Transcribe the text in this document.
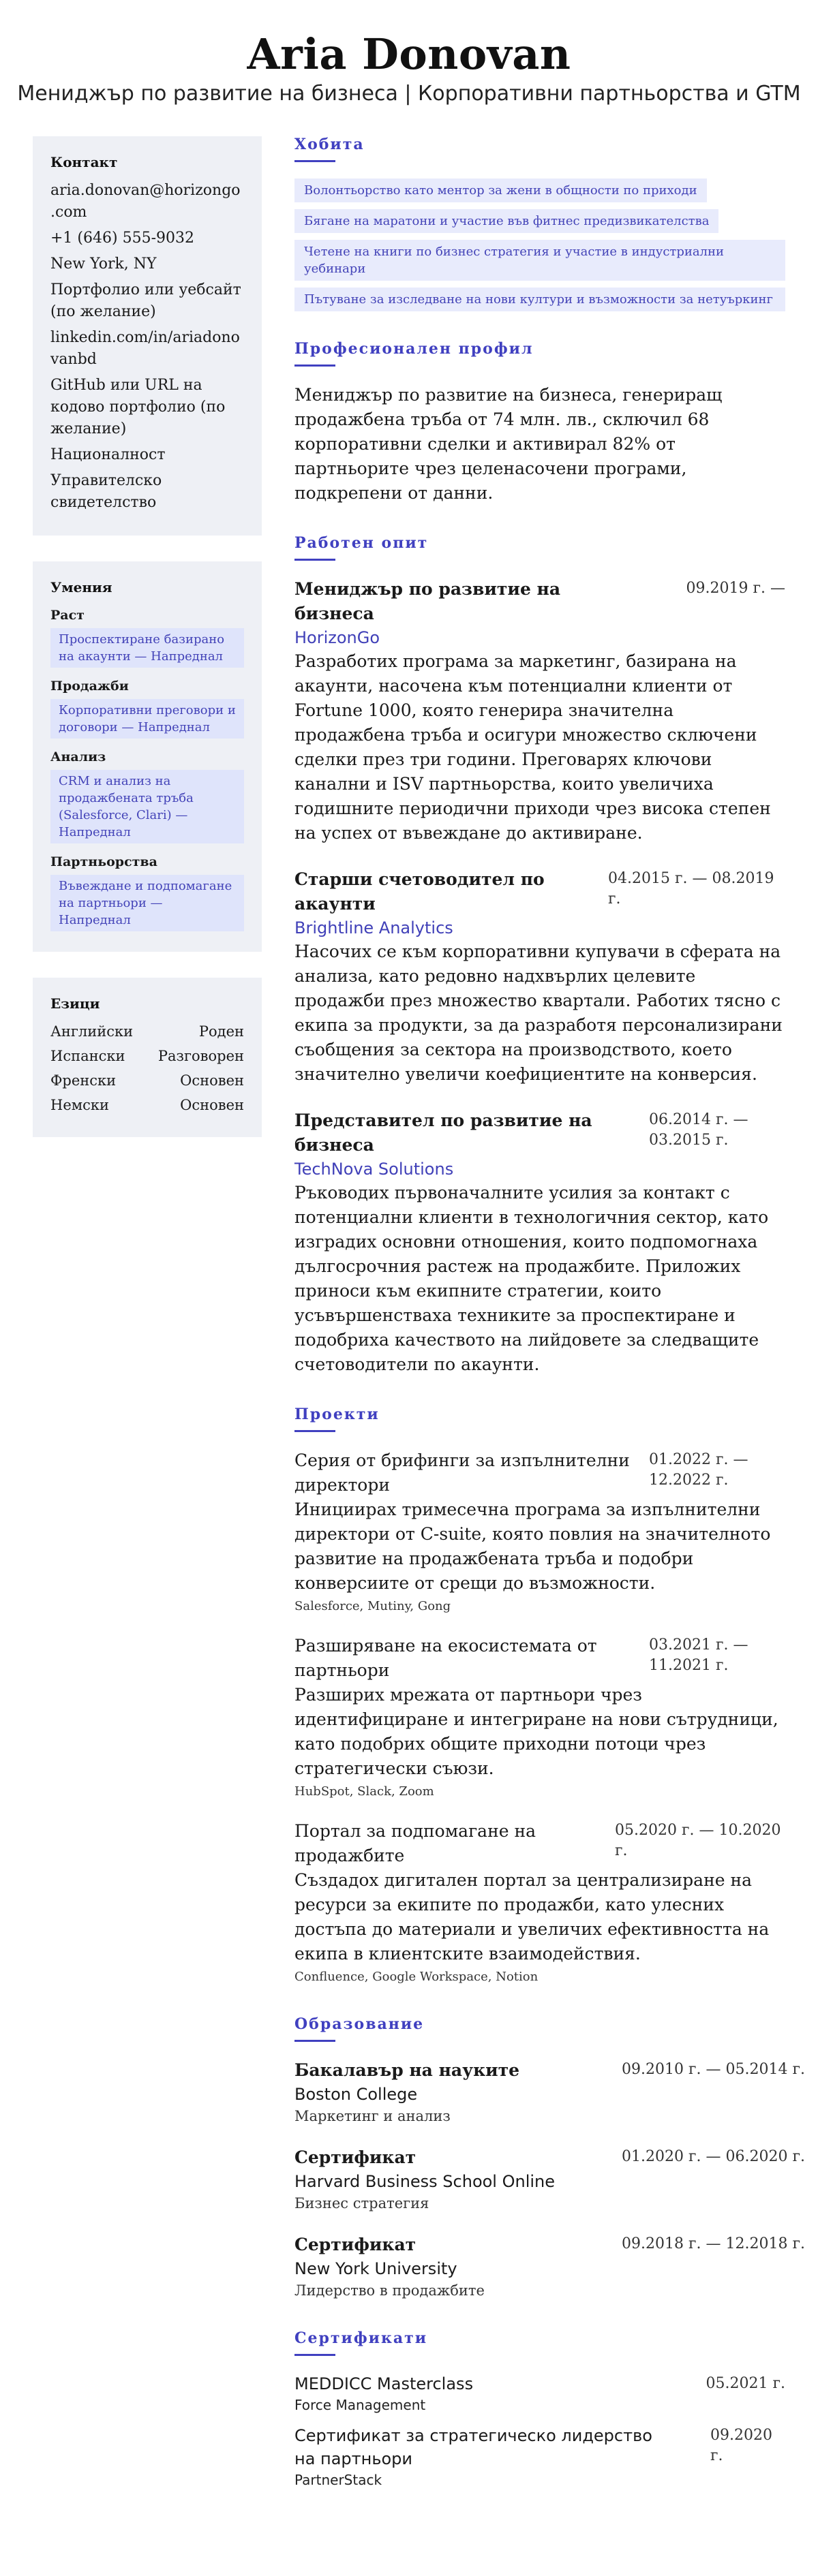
Aria Donovan
Мениджър по развитие на бизнеса | Корпоративни партньорства и GTM
Контакт
aria.donovan@horizongo.com
+1 (646) 555-9032
New York, NY
Портфолио или уебсайт (по желание)
linkedin.com/in/ariadonovanbd
GitHub или URL на кодово портфолио (по желание)
Националност
Управителско свидетелство
Умения
Раст
Проспектиране базирано на акаунти — Напреднал
Продажби
Корпоративни преговори и договори — Напреднал
Анализ
CRM и анализ на продажбената тръба (Salesforce, Clari) — Напреднал
Партньорства
Въвеждане и подпомагане на партньори — Напреднал
Езици
Английски	Роден
Испански Разговорен
Френски	Основен
Немски	Основен
Хобита
Волонтьорство като ментор за жени в общности по приходи
Бягане на маратони и участие във фитнес предизвикателства
Четене на книги по бизнес стратегия и участие в индустриални уебинари
Пътуване за изследване на нови култури и възможности за нетуъркинг
Професионален профил
Мениджър по развитие на бизнеса, генериращ продажбена тръба от 74 млн. лв., сключил 68 корпоративни сделки и активирал 82% от партньорите чрез целенасочени програми, подкрепени от данни.
Работен опит
Мениджър по развитие на бизнеса
09.2019 г. —
HorizonGo
Разработих програма за маркетинг, базирана на акаунти, насочена към потенциални клиенти от Fortune 1000, която генерира значителна продажбена тръба и осигури множество сключени сделки през три години. Преговарях ключови канални и ISV партньорства, които увеличиха годишните периодични приходи чрез висока степен на успех от въвеждане до активиране.
Старши счетоводител по акаунти
04.2015 г. — 08.2019 г.
Brightline Analytics
Насочих се към корпоративни купувачи в сферата на анализа, като редовно надхвърлих целевите продажби през множество квартали. Работих тясно с екипа за продукти, за да разработя персонализирани съобщения за сектора на производството, което значително увеличи коефициентите на конверсия.
Представител по развитие на бизнеса
06.2014 г. — 03.2015 г.
TechNova Solutions
Ръководих първоначалните усилия за контакт с потенциални клиенти в технологичния сектор, като изградих основни отношения, които подпомогнаха дългосрочния растеж на продажбите. Приложих приноси към екипните стратегии, които усъвършенстваха техниките за проспектиране и подобриха качеството на лийдовете за следващите счетоводители по акаунти.
Проекти
Серия от брифинги за изпълнителни директори
01.2022 г. — 12.2022 г.
Инициирах тримесечна програма за изпълнителни директори от C-suite, която повлия на значителното развитие на продажбената тръба и подобри конверсиите от срещи до възможности.
Salesforce, Mutiny, Gong
Разширяване на екосистемата от партньори
03.2021 г. — 11.2021 г.
Разширих мрежата от партньори чрез идентифициране и интегриране на нови сътрудници, като подобрих общите приходни потоци чрез стратегически съюзи.
HubSpot, Slack, Zoom
Портал за подпомагане на продажбите
05.2020 г. — 10.2020 г.
Създадох дигитален портал за централизиране на ресурси за екипите по продажби, като улесних достъпа до материали и увеличих ефективността на екипа в клиентските взаимодействия.
Confluence, Google Workspace, Notion
Образование
Бакалавър на науките	09.2010 г. — 05.2014 г.
Boston College
Маркетинг и анализ
Сертификат	01.2020 г. — 06.2020 г.
Harvard Business School Online
Бизнес стратегия
Сертификат	09.2018 г. — 12.2018 г.
New York University
Лидерство в продажбите
Сертификати
MEDDICC Masterclass	05.2021 г.
Force Management
Сертификат за стратегическо лидерство на партньори
09.2020 г.
PartnerStack
